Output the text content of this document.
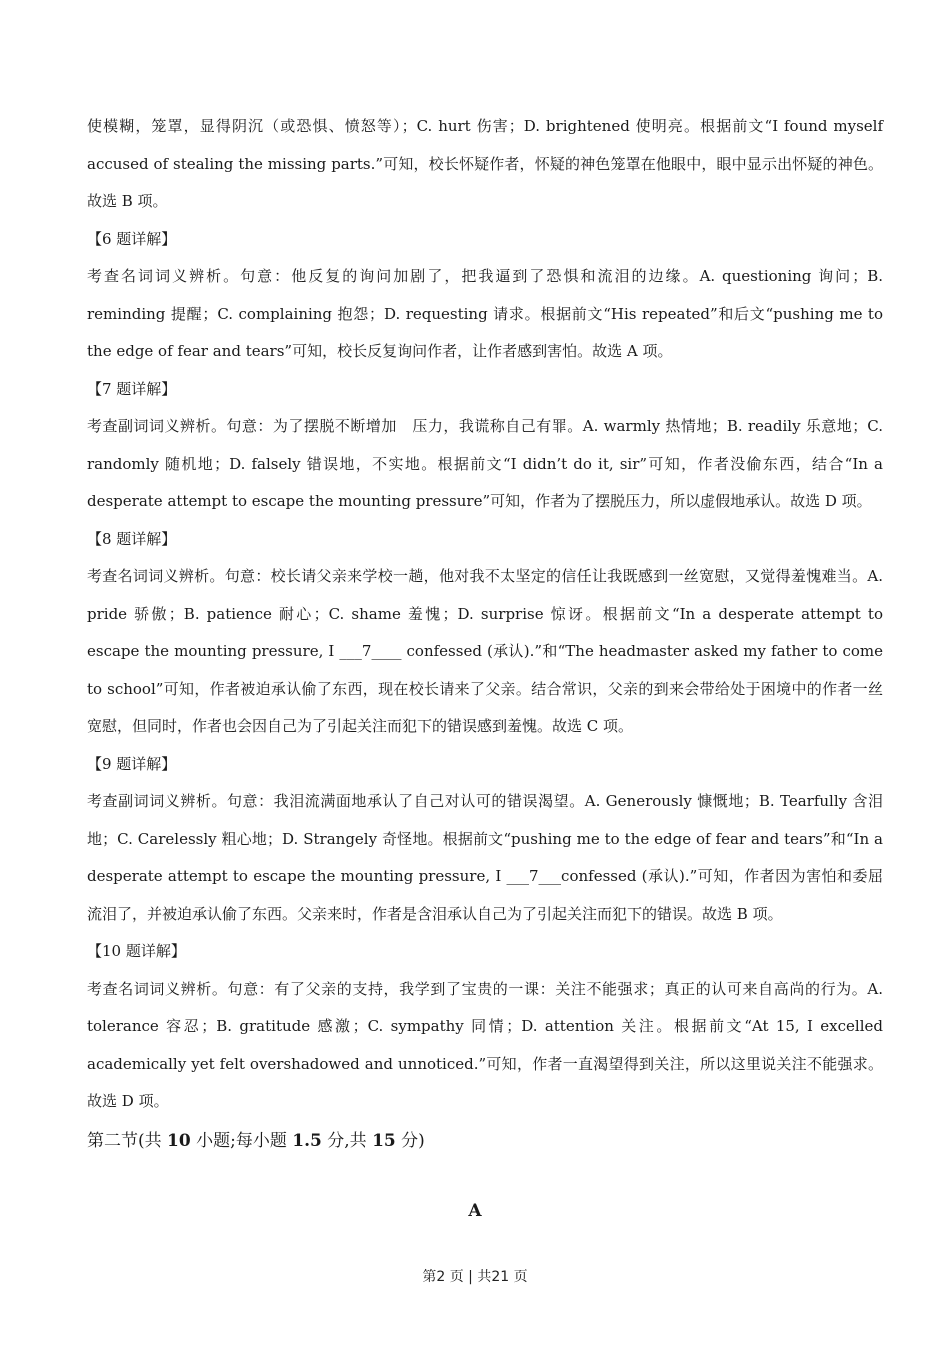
使模糊，笼罩，显得阴沉（或恐惧、愤怒等）；C. hurt 伤害；D. brightened 使明亮。根据前文“I found myself accused of stealing the missing parts.”可知，校长怀疑作者，怀疑的神色笼罩在他眼中，眼中显示出怀疑的神色。故选 B 项。

【6 题详解】

考查名词词义辨析。句意：他反复的询问加剧了，把我逼到了恐惧和流泪的边缘。A. questioning 询问；B. reminding 提醒；C. complaining 抱怨；D. requesting 请求。根据前文“His repeated”和后文“pushing me to the edge of fear and tears”可知，校长反复询问作者，让作者感到害怕。故选 A 项。

【7 题详解】

考查副词词义辨析。句意：为了摆脱不断增加　压力，我谎称自己有罪。A. warmly 热情地；B. readily 乐意地；C. randomly 随机地；D. falsely 错误地，不实地。根据前文“I didn’t do it, sir”可知，作者没偷东西，结合“In a desperate attempt to escape the mounting pressure”可知，作者为了摆脱压力，所以虚假地承认。故选 D 项。

【8 题详解】

考查名词词义辨析。句意：校长请父亲来学校一趟，他对我不太坚定的信任让我既感到一丝宽慰，又觉得羞愧难当。A. pride 骄傲；B. patience 耐心；C. shame 羞愧；D. surprise 惊讶。根据前文“In a desperate attempt to escape the mounting pressure, I ___7____ confessed (承认).”和“The headmaster asked my father to come to school”可知，作者被迫承认偷了东西，现在校长请来了父亲。结合常识，父亲的到来会带给处于困境中的作者一丝宽慰，但同时，作者也会因自己为了引起关注而犯下的错误感到羞愧。故选 C 项。

【9 题详解】

考查副词词义辨析。句意：我泪流满面地承认了自己对认可的错误渴望。A. Generously 慷慨地；B. Tearfully 含泪地；C. Carelessly 粗心地；D. Strangely 奇怪地。根据前文“pushing me to the edge of fear and tears”和“In a desperate attempt to escape the mounting pressure, I ___7___confessed (承认).”可知，作者因为害怕和委屈流泪了，并被迫承认偷了东西。父亲来时，作者是含泪承认自己为了引起关注而犯下的错误。故选 B 项。

【10 题详解】

考查名词词义辨析。句意：有了父亲的支持，我学到了宝贵的一课：关注不能强求；真正的认可来自高尚的行为。A. tolerance 容忍；B. gratitude 感激；C. sympathy 同情；D. attention 关注。根据前文“At 15, I excelled academically yet felt overshadowed and unnoticed.”可知，作者一直渴望得到关注，所以这里说关注不能强求。故选 D 项。

第二节(共 10 小题;每小题 1.5 分,共 15 分)

A
第2 页 | 共21 页
